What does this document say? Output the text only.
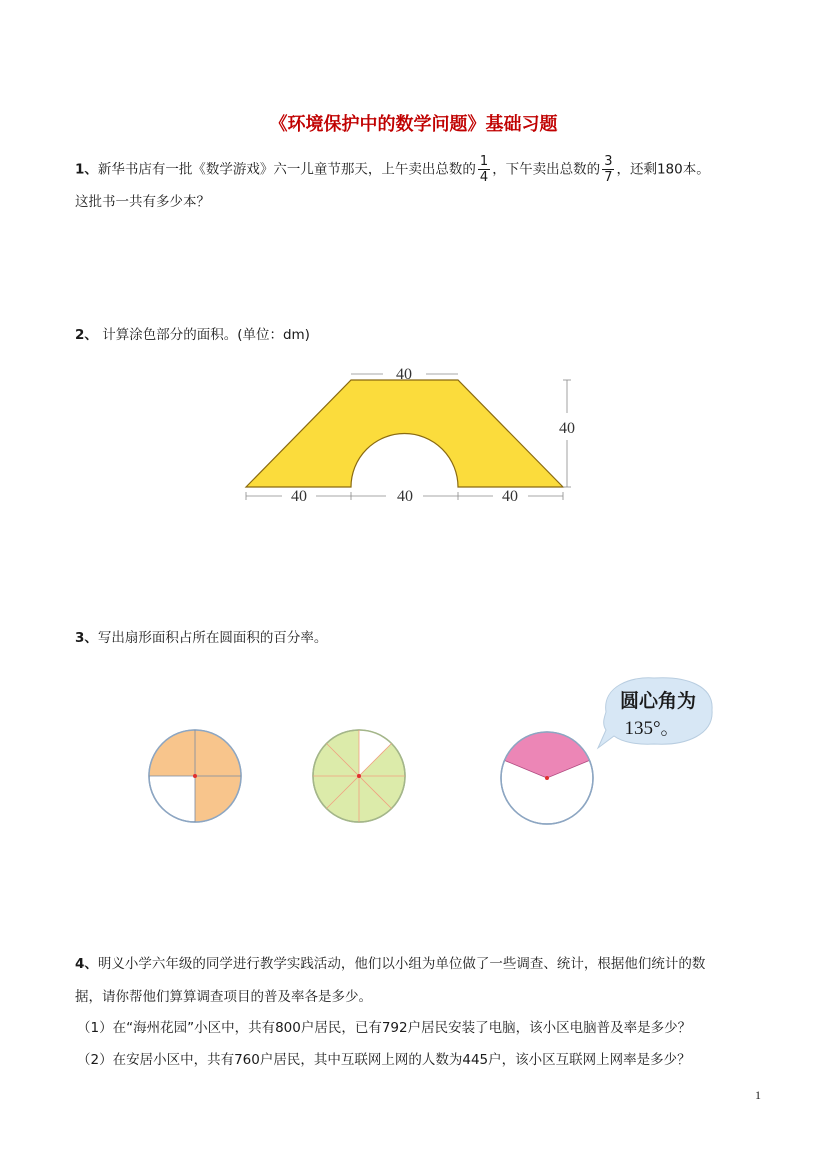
《环境保护中的数学问题》基础习题
1、新华书店有一批《数学游戏》六一儿童节那天，上午卖出总数的 $\frac{1}{4}$ ，下午卖出总数的 $\frac{3}{7}$ ，还剩180本。
这批书一共有多少本？
2、 计算涂色部分的面积。(单位：dm)
40
40
40	40	40
3、写出扇形面积占所在圆面积的百分率。
圆心角为
135°。
4、明义小学六年级的同学进行教学实践活动，他们以小组为单位做了一些调查、统计，根据他们统计的数
据，请你帮他们算算调查项目的普及率各是多少。
（1）在“海州花园”小区中，共有800户居民，已有792户居民安装了电脑，该小区电脑普及率是多少？
（2）在安居小区中，共有760户居民，其中互联网上网的人数为445户，该小区互联网上网率是多少？
1
